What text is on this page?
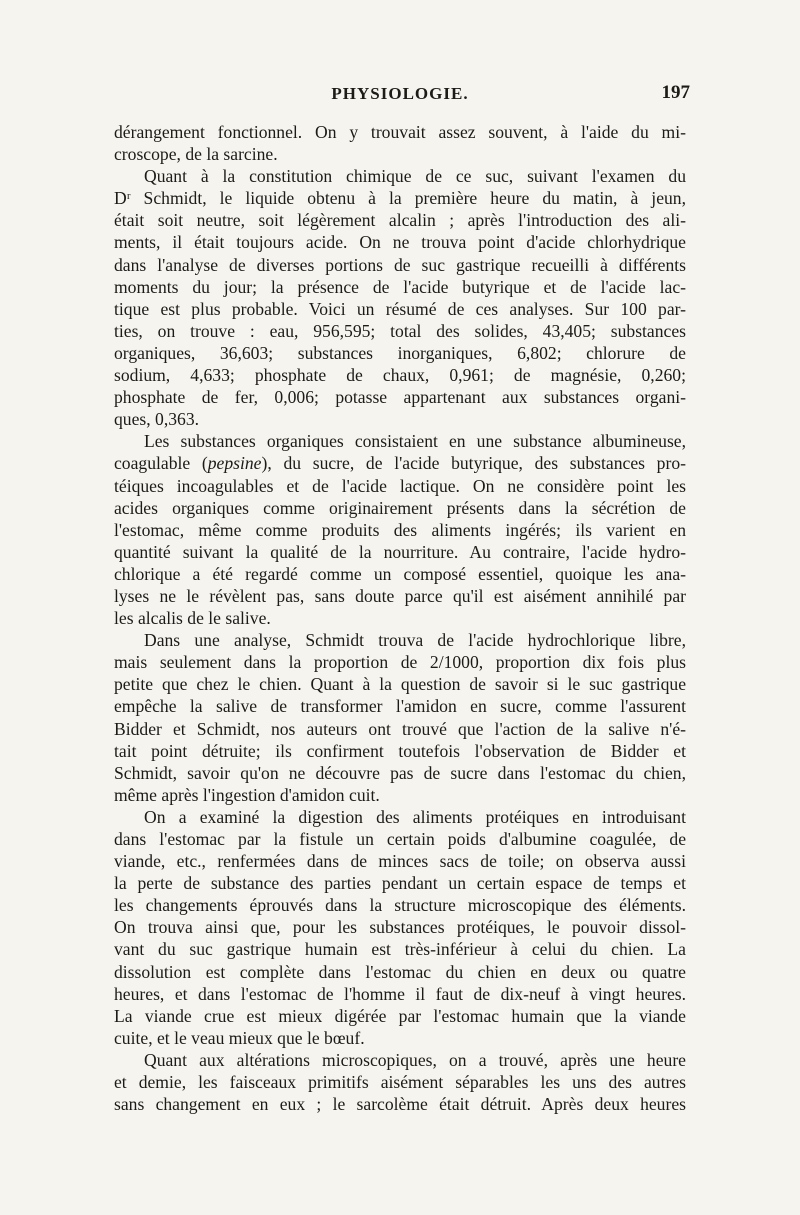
PHYSIOLOGIE.	197
dérangement fonctionnel. On y trouvait assez souvent, à l'aide du mi-
croscope, de la sarcine.
Quant à la constitution chimique de ce suc, suivant l'examen du
Dʳ Schmidt, le liquide obtenu à la première heure du matin, à jeun,
était soit neutre, soit légèrement alcalin ; après l'introduction des ali-
ments, il était toujours acide. On ne trouva point d'acide chlorhydrique
dans l'analyse de diverses portions de suc gastrique recueilli à différents
moments du jour; la présence de l'acide butyrique et de l'acide lac-
tique est plus probable. Voici un résumé de ces analyses. Sur 100 par-
ties, on trouve : eau, 956,595; total des solides, 43,405; substances
organiques, 36,603; substances inorganiques, 6,802; chlorure de
sodium, 4,633; phosphate de chaux, 0,961; de magnésie, 0,260;
phosphate de fer, 0,006; potasse appartenant aux substances organi-
ques, 0,363.
Les substances organiques consistaient en une substance albumineuse,
coagulable (pepsine), du sucre, de l'acide butyrique, des substances pro-
téiques incoagulables et de l'acide lactique. On ne considère point les
acides organiques comme originairement présents dans la sécrétion de
l'estomac, même comme produits des aliments ingérés; ils varient en
quantité suivant la qualité de la nourriture. Au contraire, l'acide hydro-
chlorique a été regardé comme un composé essentiel, quoique les ana-
lyses ne le révèlent pas, sans doute parce qu'il est aisément annihilé par
les alcalis de le salive.
Dans une analyse, Schmidt trouva de l'acide hydrochlorique libre,
mais seulement dans la proportion de 2/1000, proportion dix fois plus
petite que chez le chien. Quant à la question de savoir si le suc gastrique
empêche la salive de transformer l'amidon en sucre, comme l'assurent
Bidder et Schmidt, nos auteurs ont trouvé que l'action de la salive n'é-
tait point détruite; ils confirment toutefois l'observation de Bidder et
Schmidt, savoir qu'on ne découvre pas de sucre dans l'estomac du chien,
même après l'ingestion d'amidon cuit.
On a examiné la digestion des aliments protéiques en introduisant
dans l'estomac par la fistule un certain poids d'albumine coagulée, de
viande, etc., renfermées dans de minces sacs de toile; on observa aussi
la perte de substance des parties pendant un certain espace de temps et
les changements éprouvés dans la structure microscopique des éléments.
On trouva ainsi que, pour les substances protéiques, le pouvoir dissol-
vant du suc gastrique humain est très-inférieur à celui du chien. La
dissolution est complète dans l'estomac du chien en deux ou quatre
heures, et dans l'estomac de l'homme il faut de dix-neuf à vingt heures.
La viande crue est mieux digérée par l'estomac humain que la viande
cuite, et le veau mieux que le bœuf.
Quant aux altérations microscopiques, on a trouvé, après une heure
et demie, les faisceaux primitifs aisément séparables les uns des autres
sans changement en eux ; le sarcolème était détruit. Après deux heures
